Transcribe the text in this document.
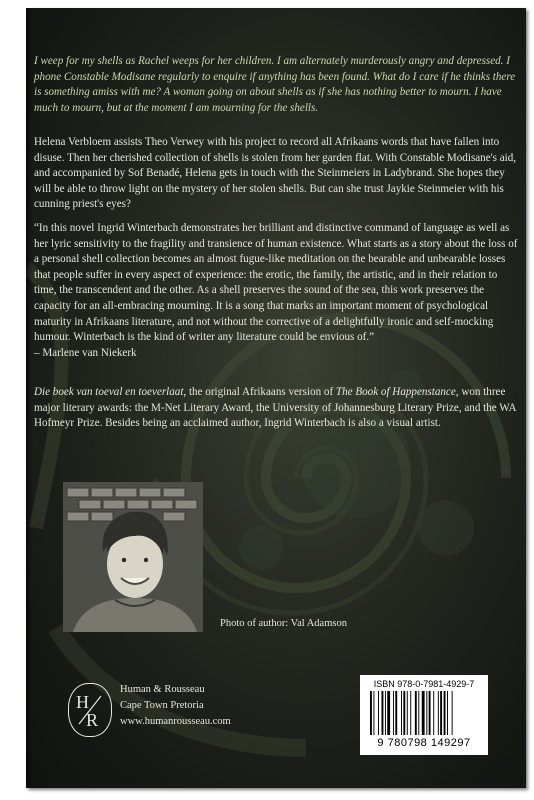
I weep for my shells as Rachel weeps for her children. I am alternately murderously angry and depressed. I phone Constable Modisane regularly to enquire if anything has been found. What do I care if he thinks there is something amiss with me? A woman going on about shells as if she has nothing better to mourn. I have much to mourn, but at the moment I am mourning for the shells.

Helena Verbloem assists Theo Verwey with his project to record all Afrikaans words that have fallen into disuse. Then her cherished collection of shells is stolen from her garden flat. With Constable Modisane's aid, and accompanied by Sof Benadé, Helena gets in touch with the Steinmeiers in Ladybrand. She hopes they will be able to throw light on the mystery of her stolen shells. But can she trust Jaykie Steinmeier with his cunning priest's eyes?

“In this novel Ingrid Winterbach demonstrates her brilliant and distinctive command of language as well as her lyric sensitivity to the fragility and transience of human existence. What starts as a story about the loss of a personal shell collection becomes an almost fugue-like meditation on the bearable and unbearable losses that people suffer in every aspect of experience: the erotic, the family, the artistic, and in their relation to time, the transcendent and the other. As a shell preserves the sound of the sea, this work preserves the capacity for an all-embracing mourning. It is a song that marks an important moment of psychological maturity in Afrikaans literature, and not without the corrective of a delightfully ironic and self-mocking humour. Winterbach is the kind of writer any literature could be envious of.”
– Marlene van Niekerk

Die boek van toeval en toeverlaat, the original Afrikaans version of The Book of Happenstance, won three major literary awards: the M-Net Literary Award, the University of Johannesburg Literary Prize, and the WA Hofmeyr Prize. Besides being an acclaimed author, Ingrid Winterbach is also a visual artist.

Photo of author: Val Adamson
H
R
Human & Rousseau
Cape Town Pretoria
www.humanrousseau.com
ISBN 978-0-7981-4929-7
9 780798 149297
